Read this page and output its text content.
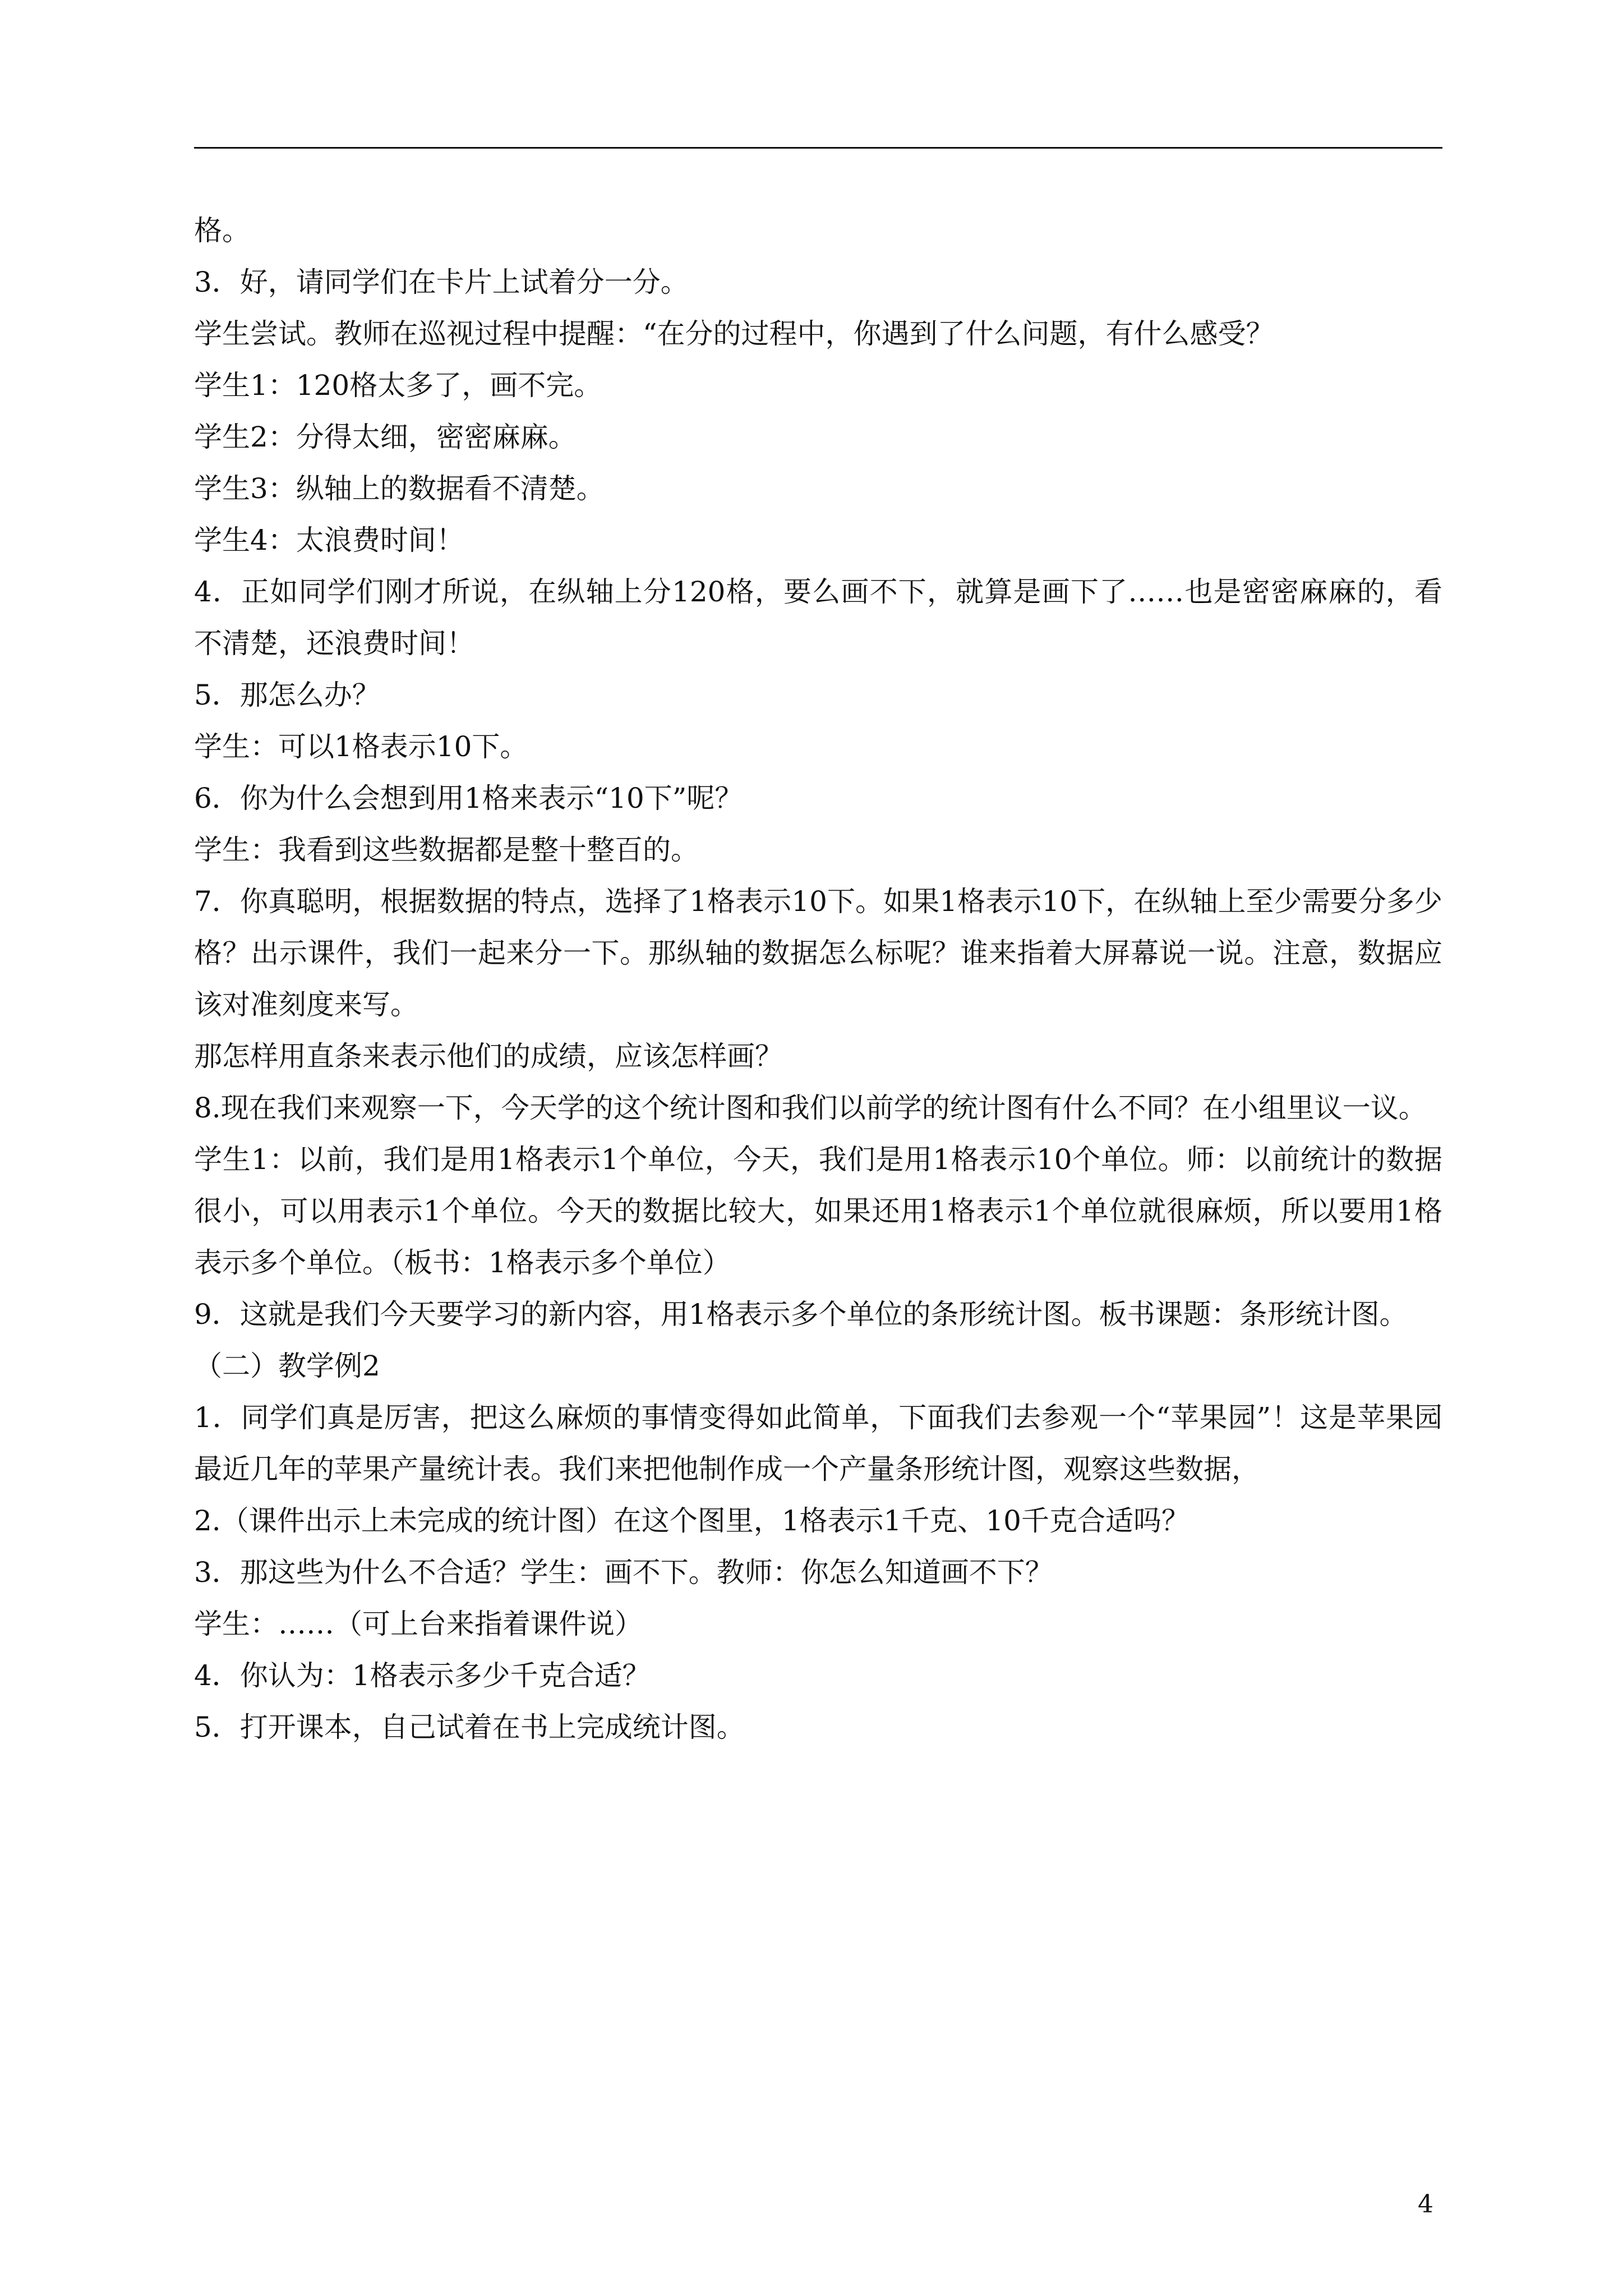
格。

3．好，请同学们在卡片上试着分一分。

学生尝试。教师在巡视过程中提醒：“在分的过程中，你遇到了什么问题，有什么感受？

学生1：120格太多了，画不完。

学生2：分得太细，密密麻麻。

学生3：纵轴上的数据看不清楚。

学生4：太浪费时间！

4．正如同学们刚才所说，在纵轴上分120格，要么画不下，就算是画下了……也是密密麻麻的，看不清楚，还浪费时间！

5．那怎么办？

学生：可以1格表示10下。

6．你为什么会想到用1格来表示“10下”呢？

学生：我看到这些数据都是整十整百的。

7．你真聪明，根据数据的特点，选择了1格表示10下。如果1格表示10下，在纵轴上至少需要分多少格？出示课件，我们一起来分一下。那纵轴的数据怎么标呢？谁来指着大屏幕说一说。注意，数据应该对准刻度来写。

那怎样用直条来表示他们的成绩，应该怎样画？

8.现在我们来观察一下，今天学的这个统计图和我们以前学的统计图有什么不同？在小组里议一议。

学生1：以前，我们是用1格表示1个单位，今天，我们是用1格表示10个单位。师：以前统计的数据很小，可以用表示1个单位。今天的数据比较大，如果还用1格表示1个单位就很麻烦，所以要用1格表示多个单位。（板书：1格表示多个单位）

9．这就是我们今天要学习的新内容，用1格表示多个单位的条形统计图。板书课题：条形统计图。

（二）教学例2

1．同学们真是厉害，把这么麻烦的事情变得如此简单，下面我们去参观一个“苹果园”！这是苹果园最近几年的苹果产量统计表。我们来把他制作成一个产量条形统计图，观察这些数据，

2.（课件出示上未完成的统计图）在这个图里，1格表示1千克、10千克合适吗？

3．那这些为什么不合适？学生：画不下。教师：你怎么知道画不下？

学生：……（可上台来指着课件说）

4．你认为：1格表示多少千克合适？

5．打开课本，自己试着在书上完成统计图。

4
